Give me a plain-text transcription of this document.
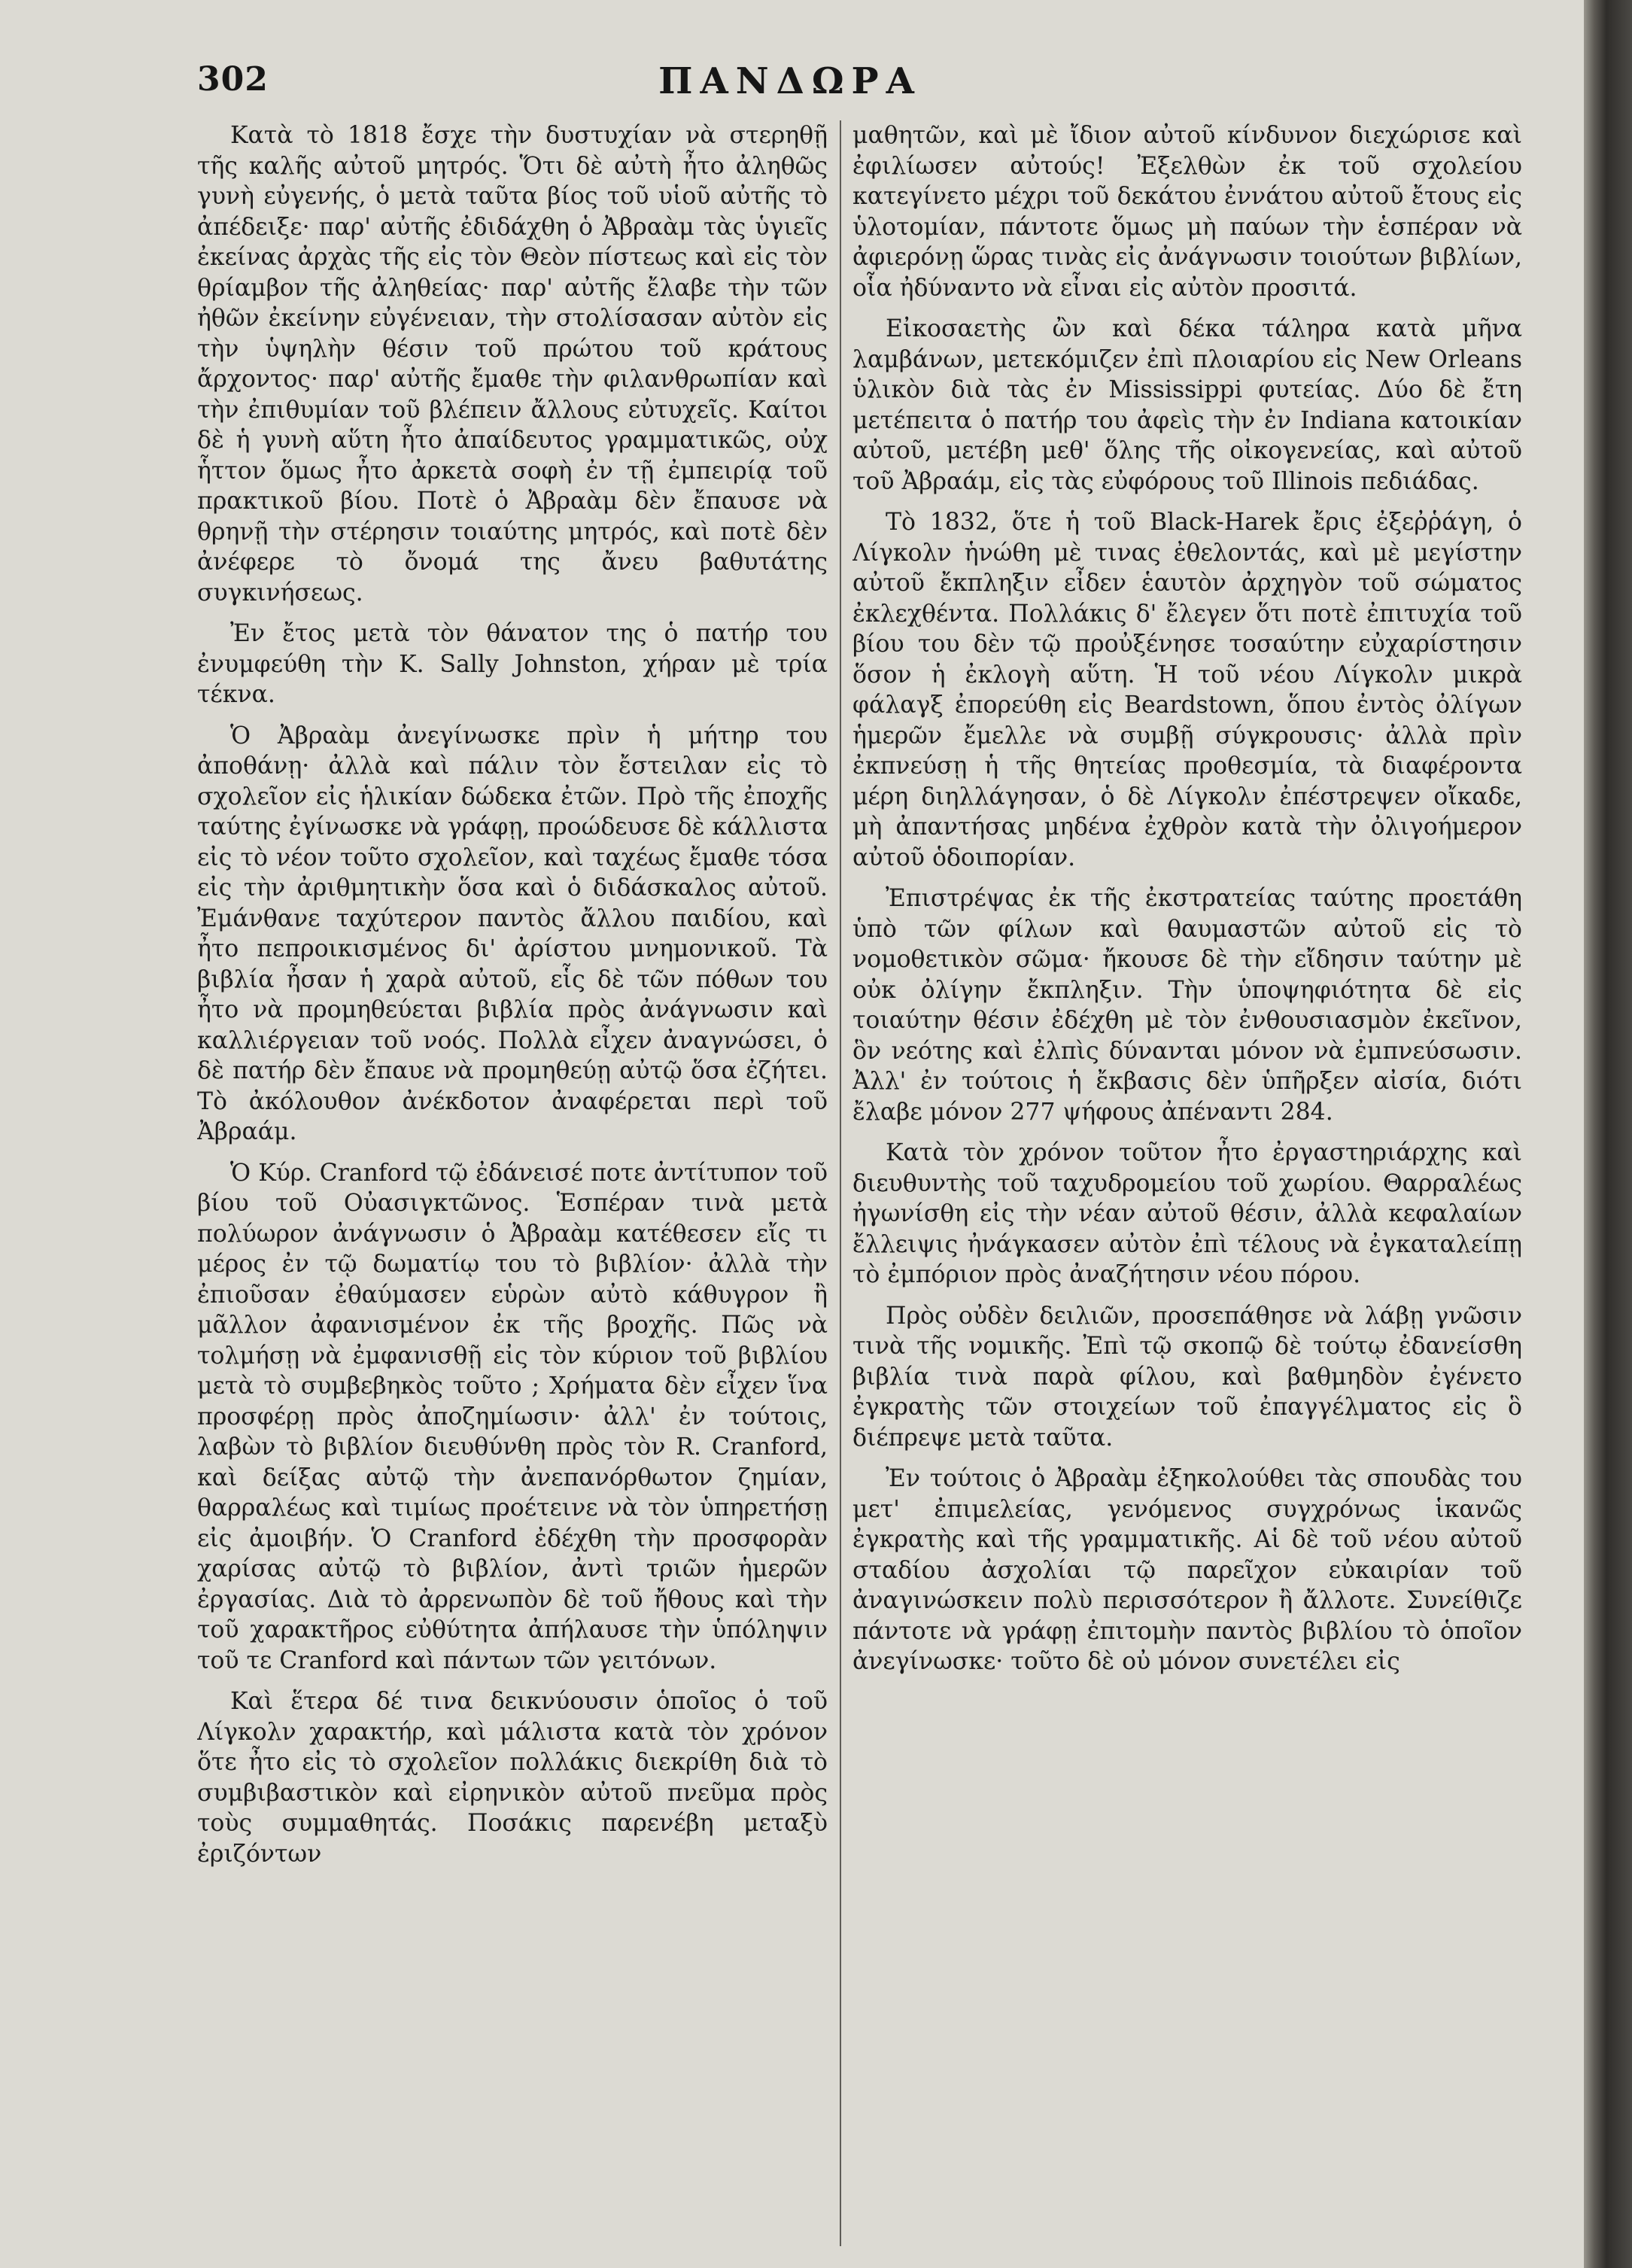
302	ΠΑΝΔΩΡΑ

Κατὰ τὸ 1818 ἔσχε τὴν δυστυχίαν νὰ στερηθῇ τῆς καλῆς αὐτοῦ μητρός. Ὅτι δὲ αὐτὴ ἦτο ἀληθῶς γυνὴ εὐγενής, ὁ μετὰ ταῦτα βίος τοῦ υἱοῦ αὐτῆς τὸ ἀπέδειξε· παρ' αὐτῆς ἐδιδάχθη ὁ Ἀβραὰμ τὰς ὑγιεῖς ἐκείνας ἀρχὰς τῆς εἰς τὸν Θεὸν πίστεως καὶ εἰς τὸν θρίαμβον τῆς ἀληθείας· παρ' αὐτῆς ἔλαβε τὴν τῶν ἠθῶν ἐκείνην εὐγένειαν, τὴν στολίσασαν αὐτὸν εἰς τὴν ὑψηλὴν θέσιν τοῦ πρώτου τοῦ κράτους ἄρχοντος· παρ' αὐτῆς ἔμαθε τὴν φιλανθρωπίαν καὶ τὴν ἐπιθυμίαν τοῦ βλέπειν ἄλλους εὐτυχεῖς. Καίτοι δὲ ἡ γυνὴ αὕτη ἦτο ἀπαίδευτος γραμματικῶς, οὐχ ἧττον ὅμως ἦτο ἀρκετὰ σοφὴ ἐν τῇ ἐμπειρίᾳ τοῦ πρακτικοῦ βίου. Ποτὲ ὁ Ἀβραὰμ δὲν ἔπαυσε νὰ θρηνῇ τὴν στέρησιν τοιαύτης μητρός, καὶ ποτὲ δὲν ἀνέφερε τὸ ὄνομά της ἄνευ βαθυτάτης συγκινήσεως.

Ἐν ἔτος μετὰ τὸν θάνατον της ὁ πατήρ του ἐνυμφεύθη τὴν Κ. Sally Johnston, χήραν μὲ τρία τέκνα.

Ὁ Ἀβραὰμ ἀνεγίνωσκε πρὶν ἡ μήτηρ του ἀποθάνῃ· ἀλλὰ καὶ πάλιν τὸν ἔστειλαν εἰς τὸ σχολεῖον εἰς ἡλικίαν δώδεκα ἐτῶν. Πρὸ τῆς ἐποχῆς ταύτης ἐγίνωσκε νὰ γράφῃ, προώδευσε δὲ κάλλιστα εἰς τὸ νέον τοῦτο σχολεῖον, καὶ ταχέως ἔμαθε τόσα εἰς τὴν ἀριθμητικὴν ὅσα καὶ ὁ διδάσκαλος αὐτοῦ. Ἐμάνθανε ταχύτερον παντὸς ἄλλου παιδίου, καὶ ἦτο πεπροικισμένος δι' ἀρίστου μνημονικοῦ. Τὰ βιβλία ἦσαν ἡ χαρὰ αὐτοῦ, εἷς δὲ τῶν πόθων του ἦτο νὰ προμηθεύεται βιβλία πρὸς ἀνάγνωσιν καὶ καλλιέργειαν τοῦ νοός. Πολλὰ εἶχεν ἀναγνώσει, ὁ δὲ πατήρ δὲν ἔπαυε νὰ προμηθεύῃ αὐτῷ ὅσα ἐζήτει. Τὸ ἀκόλουθον ἀνέκδοτον ἀναφέρεται περὶ τοῦ Ἀβραάμ.

Ὁ Κύρ. Cranford τῷ ἐδάνεισέ ποτε ἀντίτυπον τοῦ βίου τοῦ Οὐασιγκτῶνος. Ἑσπέραν τινὰ μετὰ πολύωρον ἀνάγνωσιν ὁ Ἀβραὰμ κατέθεσεν εἴς τι μέρος ἐν τῷ δωματίῳ του τὸ βιβλίον· ἀλλὰ τὴν ἐπιοῦσαν ἐθαύμασεν εὑρὼν αὐτὸ κάθυγρον ἢ μᾶλλον ἀφανισμένον ἐκ τῆς βροχῆς. Πῶς νὰ τολμήσῃ νὰ ἐμφανισθῇ εἰς τὸν κύριον τοῦ βιβλίου μετὰ τὸ συμβεβηκὸς τοῦτο ; Χρήματα δὲν εἶχεν ἵνα προσφέρῃ πρὸς ἀποζημίωσιν· ἀλλ' ἐν τούτοις, λαβὼν τὸ βιβλίον διευθύνθη πρὸς τὸν R. Cranford, καὶ δείξας αὐτῷ τὴν ἀνεπανόρθωτον ζημίαν, θαρραλέως καὶ τιμίως προέτεινε νὰ τὸν ὑπηρετήσῃ εἰς ἀμοιβήν. Ὁ Cranford ἐδέχθη τὴν προσφορὰν χαρίσας αὐτῷ τὸ βιβλίον, ἀντὶ τριῶν ἡμερῶν ἐργασίας. Διὰ τὸ ἀρρενωπὸν δὲ τοῦ ἤθους καὶ τὴν τοῦ χαρακτῆρος εὐθύτητα ἀπήλαυσε τὴν ὑπόληψιν τοῦ τε Cranford καὶ πάντων τῶν γειτόνων.

Καὶ ἕτερα δέ τινα δεικνύουσιν ὁποῖος ὁ τοῦ Λίγκολν χαρακτήρ, καὶ μάλιστα κατὰ τὸν χρόνον ὅτε ἦτο εἰς τὸ σχολεῖον πολλάκις διεκρίθη διὰ τὸ συμβιβαστικὸν καὶ εἰρηνικὸν αὐτοῦ πνεῦμα πρὸς τοὺς συμμαθητάς. Ποσάκις παρενέβη μεταξὺ ἐριζόντων

μαθητῶν, καὶ μὲ ἴδιον αὐτοῦ κίνδυνον διεχώρισε καὶ ἐφιλίωσεν αὐτούς! Ἐξελθὼν ἐκ τοῦ σχολείου κατεγίνετο μέχρι τοῦ δεκάτου ἐννάτου αὐτοῦ ἔτους εἰς ὑλοτομίαν, πάντοτε ὅμως μὴ παύων τὴν ἑσπέραν νὰ ἀφιερόνῃ ὥρας τινὰς εἰς ἀνάγνωσιν τοιούτων βιβλίων, οἷα ἠδύναντο νὰ εἶναι εἰς αὐτὸν προσιτά.

Εἰκοσαετὴς ὢν καὶ δέκα τάληρα κατὰ μῆνα λαμβάνων, μετεκόμιζεν ἐπὶ πλοιαρίου εἰς New Orleans ὑλικὸν διὰ τὰς ἐν Mississippi φυτείας. Δύο δὲ ἔτη μετέπειτα ὁ πατήρ του ἀφεὶς τὴν ἐν Indiana κατοικίαν αὐτοῦ, μετέβη μεθ' ὅλης τῆς οἰκογενείας, καὶ αὐτοῦ τοῦ Ἀβραάμ, εἰς τὰς εὐφόρους τοῦ Illinois πεδιάδας.

Τὸ 1832, ὅτε ἡ τοῦ Black-Harek ἔρις ἐξεῤῥάγη, ὁ Λίγκολν ἡνώθη μὲ τινας ἐθελοντάς, καὶ μὲ μεγίστην αὐτοῦ ἔκπληξιν εἶδεν ἑαυτὸν ἀρχηγὸν τοῦ σώματος ἐκλεχθέντα. Πολλάκις δ' ἔλεγεν ὅτι ποτὲ ἐπιτυχία τοῦ βίου του δὲν τῷ προὐξένησε τοσαύτην εὐχαρίστησιν ὅσον ἡ ἐκλογὴ αὕτη. Ἡ τοῦ νέου Λίγκολν μικρὰ φάλαγξ ἐπορεύθη εἰς Beardstown, ὅπου ἐντὸς ὀλίγων ἡμερῶν ἔμελλε νὰ συμβῇ σύγκρουσις· ἀλλὰ πρὶν ἐκπνεύσῃ ἡ τῆς θητείας προθεσμία, τὰ διαφέροντα μέρη διηλλάγησαν, ὁ δὲ Λίγκολν ἐπέστρεψεν οἴκαδε, μὴ ἀπαντήσας μηδένα ἐχθρὸν κατὰ τὴν ὀλιγοήμερον αὐτοῦ ὁδοιπορίαν.

Ἐπιστρέψας ἐκ τῆς ἐκστρατείας ταύτης προετάθη ὑπὸ τῶν φίλων καὶ θαυμαστῶν αὐτοῦ εἰς τὸ νομοθετικὸν σῶμα· ἤκουσε δὲ τὴν εἴδησιν ταύτην μὲ οὐκ ὀλίγην ἔκπληξιν. Τὴν ὑποψηφιότητα δὲ εἰς τοιαύτην θέσιν ἐδέχθη μὲ τὸν ἐνθουσιασμὸν ἐκεῖνον, ὃν νεότης καὶ ἐλπὶς δύνανται μόνον νὰ ἐμπνεύσωσιν. Ἀλλ' ἐν τούτοις ἡ ἔκβασις δὲν ὑπῆρξεν αἰσία, διότι ἔλαβε μόνον 277 ψήφους ἀπέναντι 284.

Κατὰ τὸν χρόνον τοῦτον ἦτο ἐργαστηριάρχης καὶ διευθυντὴς τοῦ ταχυδρομείου τοῦ χωρίου. Θαρραλέως ἠγωνίσθη εἰς τὴν νέαν αὐτοῦ θέσιν, ἀλλὰ κεφαλαίων ἔλλειψις ἠνάγκασεν αὐτὸν ἐπὶ τέλους νὰ ἐγκαταλείπῃ τὸ ἐμπόριον πρὸς ἀναζήτησιν νέου πόρου.

Πρὸς οὐδὲν δειλιῶν, προσεπάθησε νὰ λάβῃ γνῶσιν τινὰ τῆς νομικῆς. Ἐπὶ τῷ σκοπῷ δὲ τούτῳ ἐδανείσθη βιβλία τινὰ παρὰ φίλου, καὶ βαθμηδὸν ἐγένετο ἐγκρατὴς τῶν στοιχείων τοῦ ἐπαγγέλματος εἰς ὃ διέπρεψε μετὰ ταῦτα.

Ἐν τούτοις ὁ Ἀβραὰμ ἐξηκολούθει τὰς σπουδὰς του μετ' ἐπιμελείας, γενόμενος συγχρόνως ἱκανῶς ἐγκρατὴς καὶ τῆς γραμματικῆς. Αἱ δὲ τοῦ νέου αὐτοῦ σταδίου ἀσχολίαι τῷ παρεῖχον εὐκαιρίαν τοῦ ἀναγινώσκειν πολὺ περισσότερον ἢ ἄλλοτε. Συνείθιζε πάντοτε νὰ γράφῃ ἐπιτομὴν παντὸς βιβλίου τὸ ὁποῖον ἀνεγίνωσκε· τοῦτο δὲ οὐ μόνον συνετέλει εἰς
